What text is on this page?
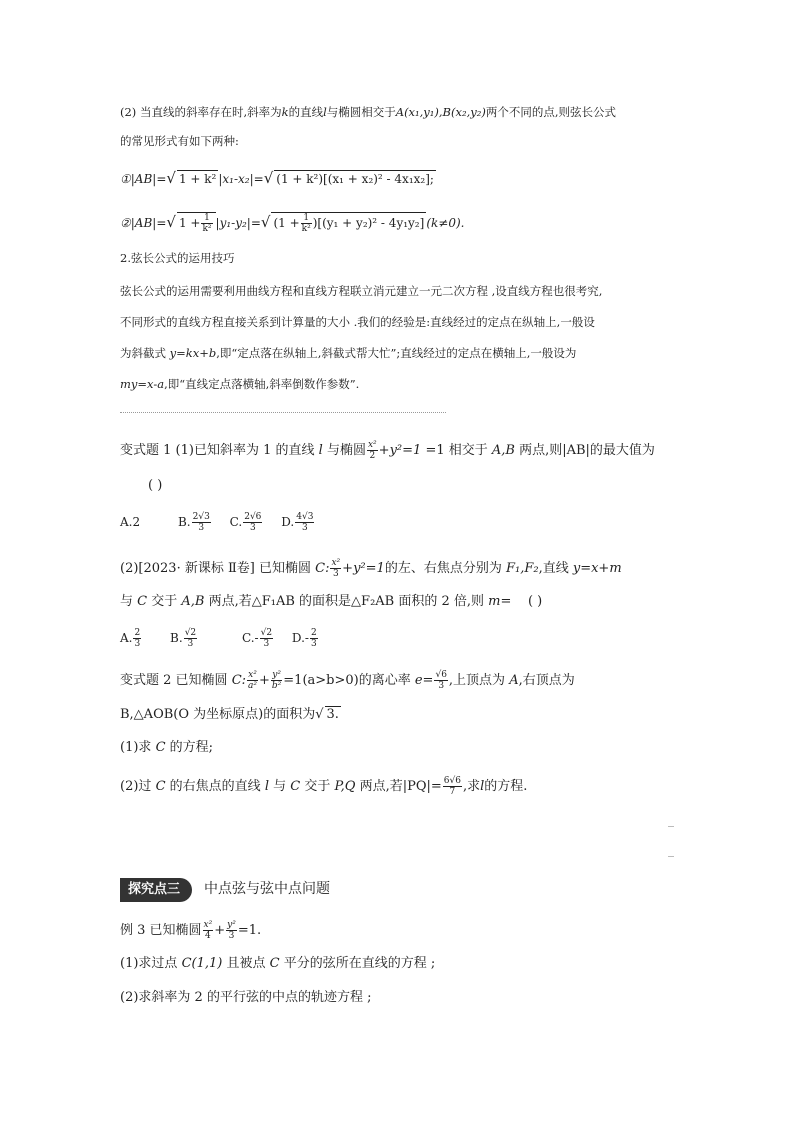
(2) 当直线的斜率存在时,斜率为k的直线l与椭圆相交于A(x₁,y₁),B(x₂,y₂)两个不同的点,则弦长公式
的常见形式有如下两种:
①|AB|=√ 1 + k² |x₁-x₂|=√ (1 + k²)[(x₁ + x₂)² - 4x₁x₂];
②|AB|=√ $1 + \frac{1}{\text{k²}} |y_1-y_2|=√$ $(1 + \frac{1}{\text{k²}} )[(y_1 + y_2)^2 - 4y_1y_2]$ (k≠0).
2.弦长公式的运用技巧
弦长公式的运用需要利用曲线方程和直线方程联立消元建立一元二次方程 ,设直线方程也很考究,
不同形式的直线方程直接关系到计算量的大小 .我们的经验是:直线经过的定点在纵轴上,一般设
为斜截式 y=kx+b,即“定点落在纵轴上,斜截式帮大忙”;直线经过的定点在横轴上,一般设为
my=x-a,即“直线定点落横轴,斜率倒数作参数”.
变式题 1 (1)已知斜率为 1 的直线 l 与椭圆 $\frac{\text{x²}}{2} +y^2=1 =1$ 相交于 A,B 两点,则|AB|的最大值为
( )
A.2	B. $\frac{2√3}{3} C$. $\frac{2√6}{3} D$. $\frac{4√3}{3}$
(2)[2023· 新课标 Ⅱ卷] 已知椭圆 C: $\frac{\text{x²}}{3} +y^2=1$的左、右焦点分别为 F₁,F₂,直线 y=x+m
与 C 交于 A,B 两点,若△F₁AB 的面积是△F₂AB 面积的 2 倍,则 m= ( )
A. $\frac{2}{3} B$. $\frac{√2}{3}$	$C.- \frac{√2}{3} D.- \frac{2}{3}$
变式题 2 已知椭圆 C: $\frac{\text{x²}}{\text{a²}} + \frac{\text{y²}}{\text{b²}} =1(a>b>0)$的离心率 $e= \frac{√6}{3}$ ,上顶点为 A,右顶点为
B,△AOB(O 为坐标原点)的面积为√ 3.
(1)求 C 的方程;
(2)过 C 的右焦点的直线 l 与 C 交于 P,Q 两点,若$|PQ|= \frac{6√6}{7}$ ,求l的方程.
探究点三 中点弦与弦中点问题
例 3 已知椭圆 $\frac{\text{x²}}{4} + \frac{\text{y²}}{3} =1$.
(1)求过点 C(1,1) 且被点 C 平分的弦所在直线的方程 ;
(2)求斜率为 2 的平行弦的中点的轨迹方程 ;
